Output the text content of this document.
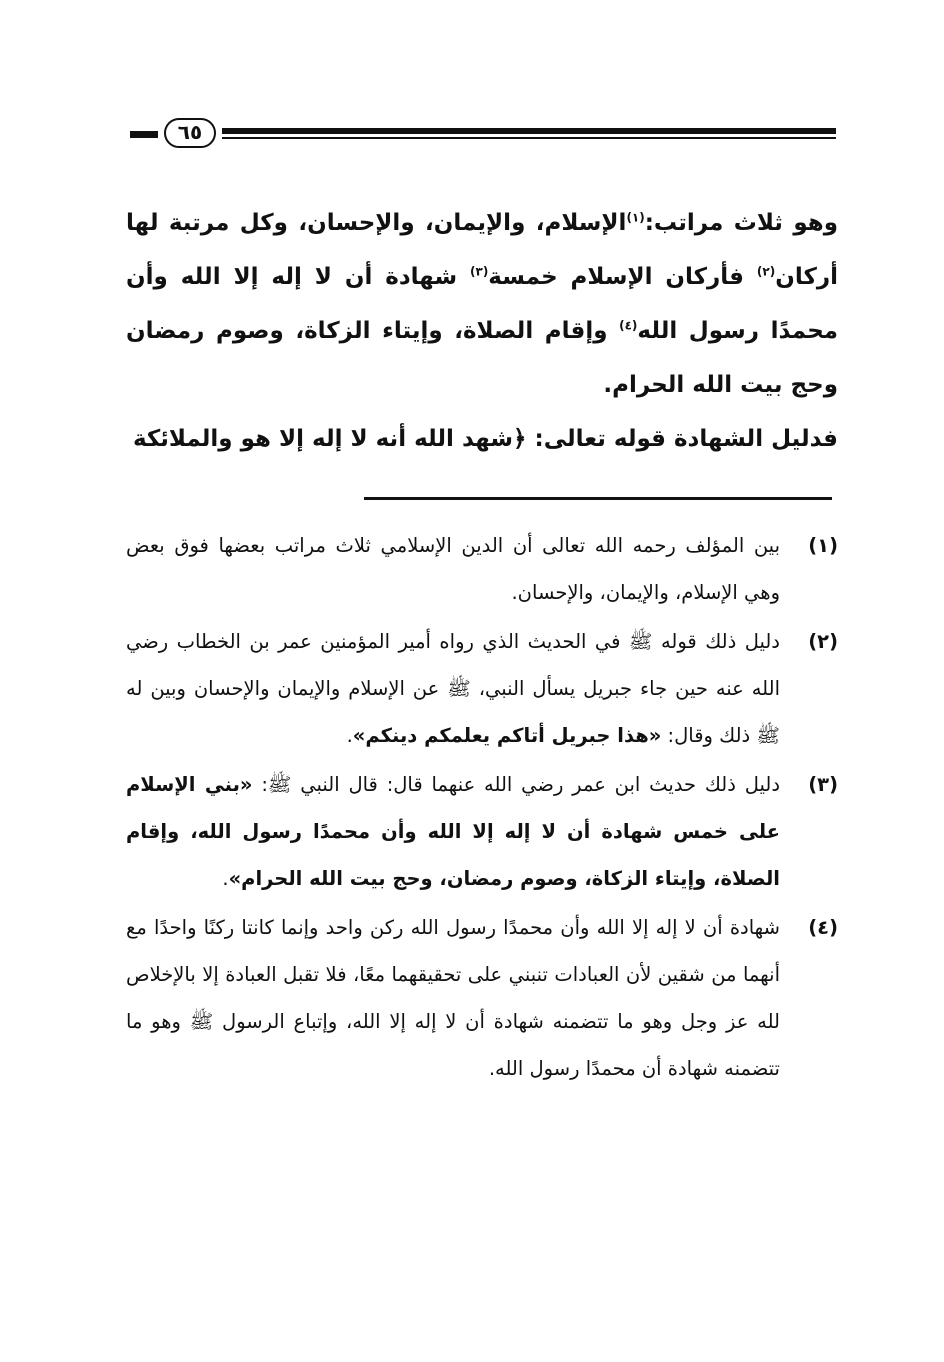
٦٥

وهو ثلاث مراتب:$^{(١)}$الإسلام، والإيمان، والإحسان، وكل مرتبة لها أركان$^{(٢)}$ فأركان الإسلام خمسة$^{(٣)}$ شهادة أن لا إله إلا الله وأن محمدًا رسول الله$^{(٤)}$ وإقام الصلاة، وإيتاء الزكاة، وصوم رمضان وحج بيت الله الحرام.

فدليل الشهادة قوله تعالى: ﴿شهد الله أنه لا إله إلا هو والملائكة

(١)
بين المؤلف رحمه الله تعالى أن الدين الإسلامي ثلاث مراتب بعضها فوق بعض وهي الإسلام، والإيمان، والإحسان.
(٢)
دليل ذلك قوله ﷺ في الحديث الذي رواه أمير المؤمنين عمر بن الخطاب رضي الله عنه حين جاء جبريل يسأل النبي، ﷺ عن الإسلام والإيمان والإحسان وبين له ﷺ ذلك وقال: «هذا جبريل أتاكم يعلمكم دينكم».
(٣)
دليل ذلك حديث ابن عمر رضي الله عنهما قال: قال النبي ﷺ: «بني الإسلام على خمس شهادة أن لا إله إلا الله وأن محمدًا رسول الله، وإقام الصلاة، وإيتاء الزكاة، وصوم رمضان، وحج بيت الله الحرام».
(٤)
شهادة أن لا إله إلا الله وأن محمدًا رسول الله ركن واحد وإنما كانتا ركنًا واحدًا مع أنهما من شقين لأن العبادات تنبني على تحقيقهما معًا، فلا تقبل العبادة إلا بالإخلاص لله عز وجل وهو ما تتضمنه شهادة أن لا إله إلا الله، وإتباع الرسول ﷺ وهو ما تتضمنه شهادة أن محمدًا رسول الله.
